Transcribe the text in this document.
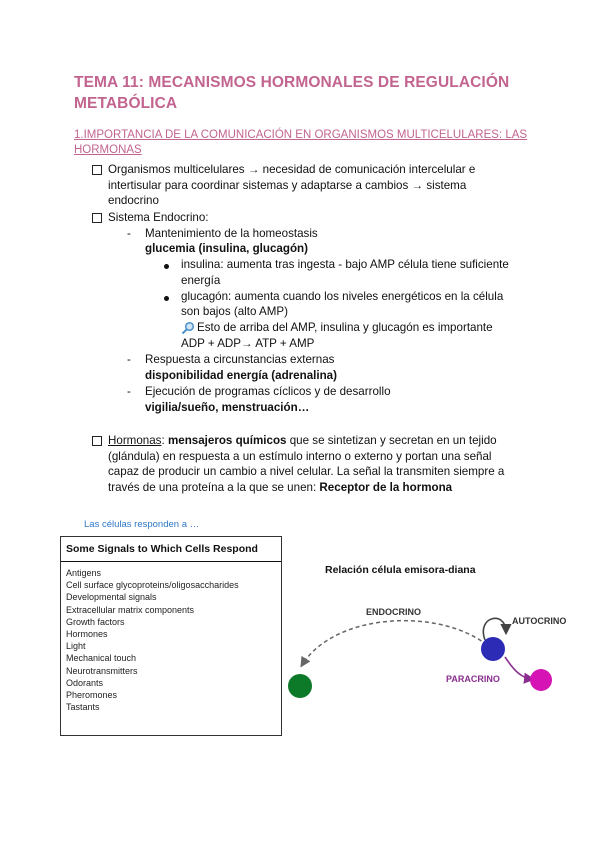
TEMA 11: MECANISMOS HORMONALES DE REGULACIÓN METABÓLICA
1.IMPORTANCIA DE LA COMUNICACIÓN EN ORGANISMOS MULTICELULARES: LAS HORMONAS
Organismos multicelulares → necesidad de comunicación intercelular e
intertisular para coordinar sistemas y adaptarse a cambios → sistema
endocrino
Sistema Endocrino:
- Mantenimiento de la homeostasis
glucemia (insulina, glucagón)
insulina: aumenta tras ingesta - bajo AMP célula tiene suficiente
energía
glucagón: aumenta cuando los niveles energéticos en la célula
son bajos (alto AMP)
Esto de arriba del AMP, insulina y glucagón es importante
ADP + ADP→ ATP + AMP
- Respuesta a circunstancias externas
disponibilidad energía (adrenalina)
- Ejecución de programas cíclicos y de desarrollo
vigilia/sueño, menstruación…
Hormonas: mensajeros químicos que se sintetizan y secretan en un tejido
(glándula) en respuesta a un estímulo interno o externo y portan una señal
capaz de producir un cambio a nivel celular. La señal la transmiten siempre a
través de una proteína a la que se unen: Receptor de la hormona
Las células responden a …
Some Signals to Which Cells Respond
Antigens
Cell surface glycoproteins/oligosaccharides
Developmental signals
Extracellular matrix components
Growth factors
Hormones
Light
Mechanical touch
Neurotransmitters
Odorants
Pheromones
Tastants
Relación célula emisora-diana
ENDOCRINO
AUTOCRINO
PARACRINO
